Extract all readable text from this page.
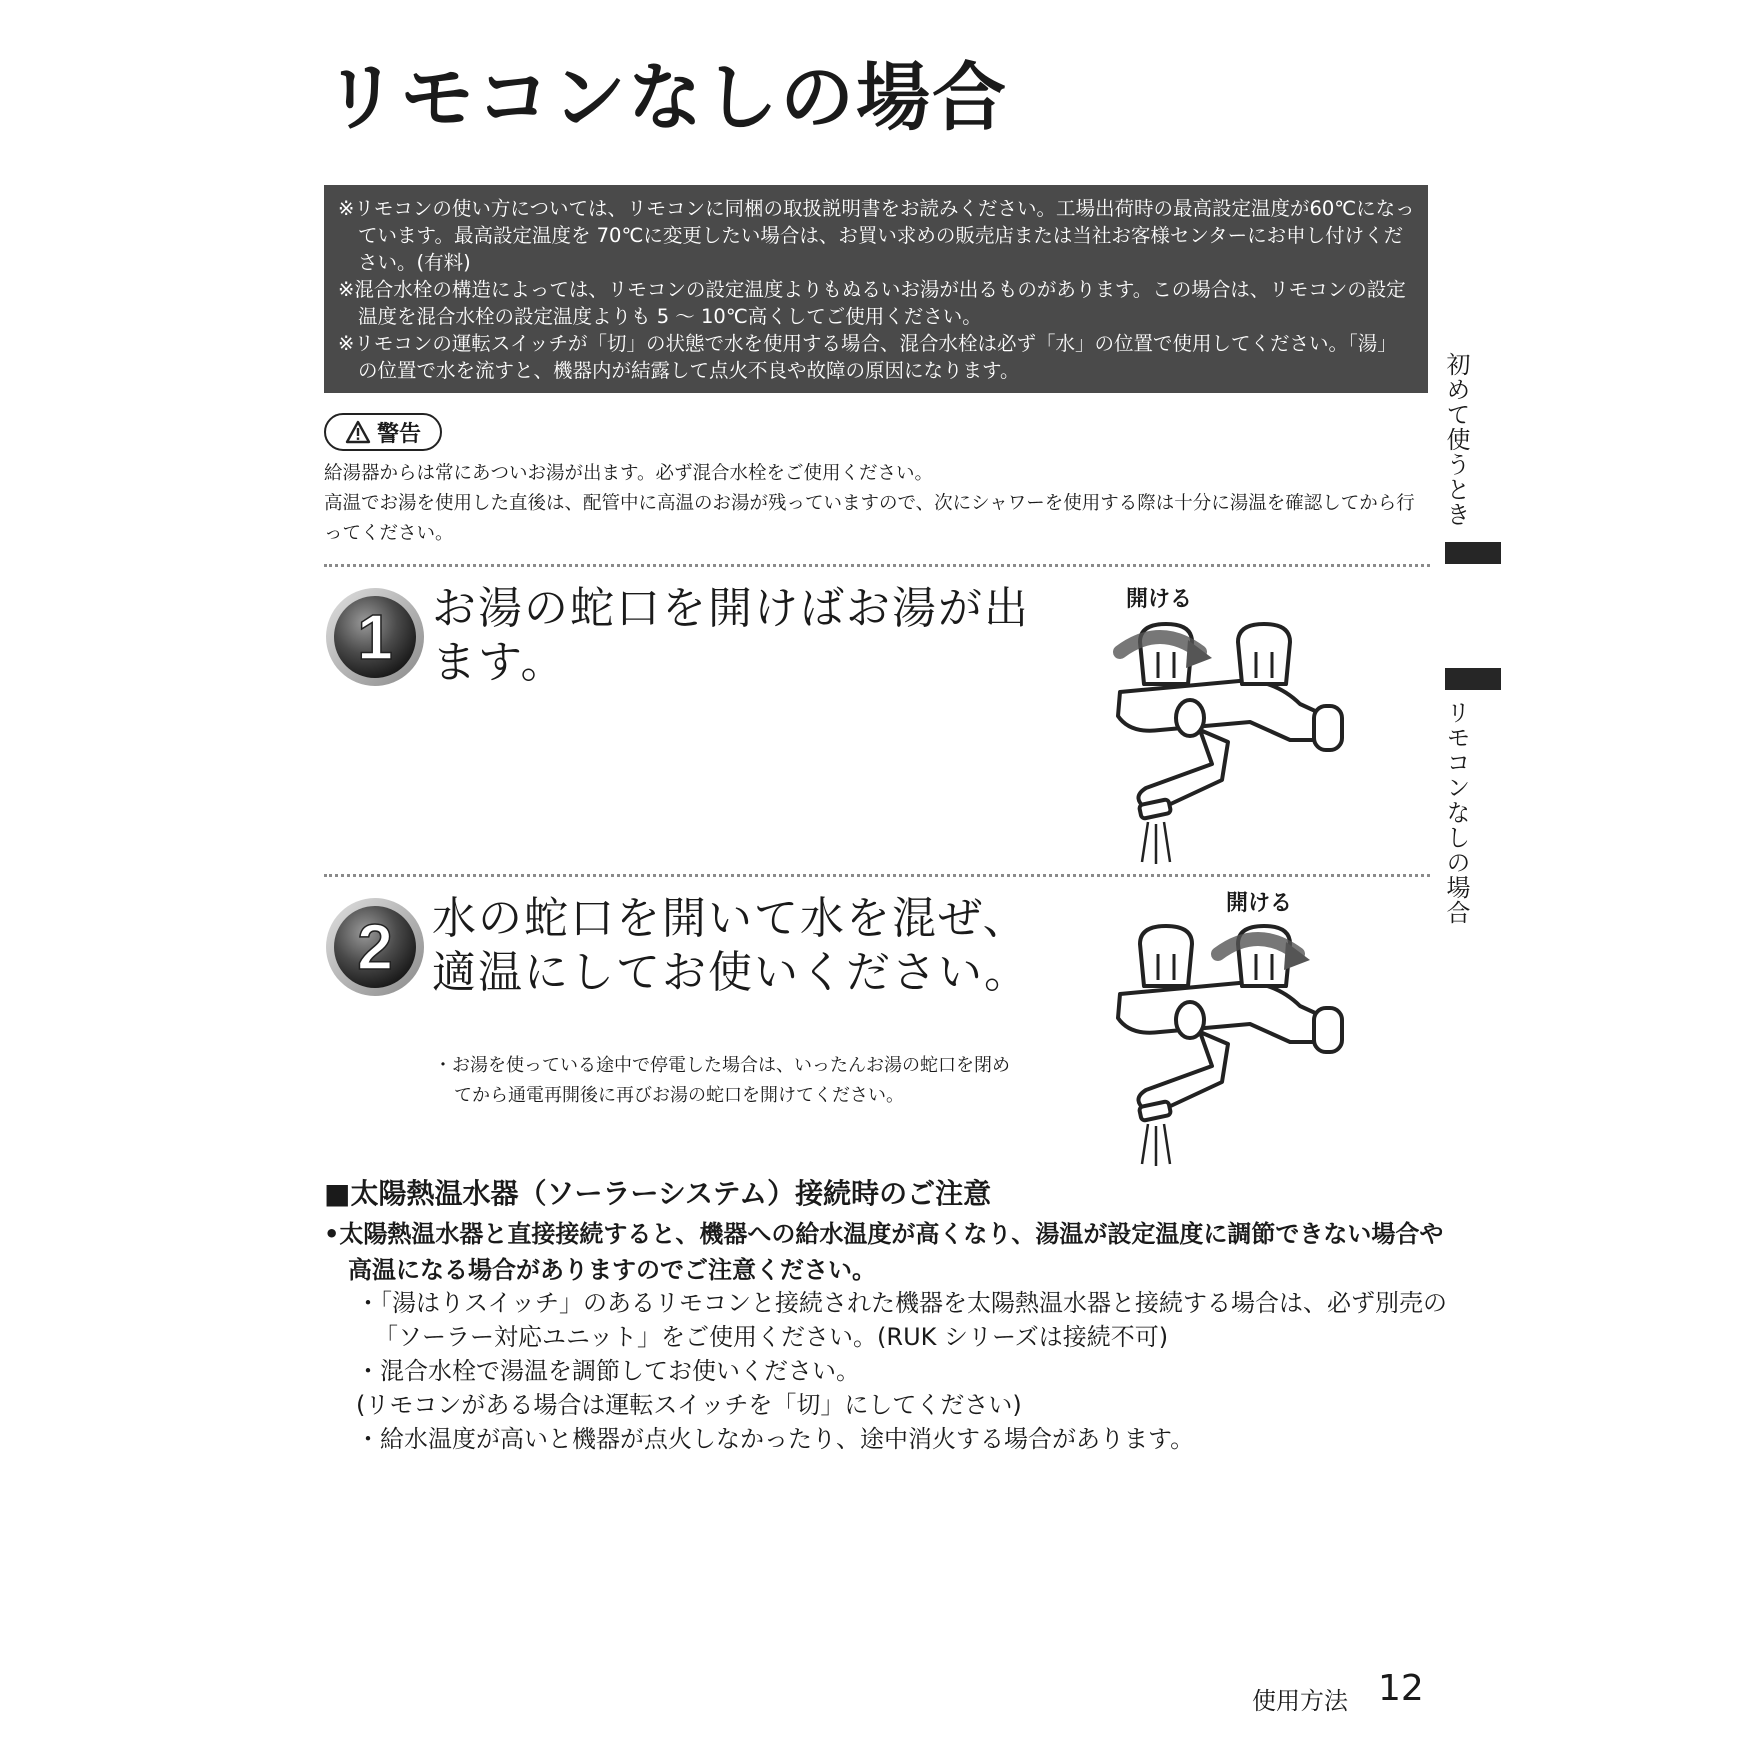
リモコンなしの場合
※リモコンの使い方については、リモコンに同梱の取扱説明書をお読みください。工場出荷時の最高設定温度が60℃になっています。最高設定温度を 70℃に変更したい場合は、お買い求めの販売店または当社お客様センターにお申し付けください。(有料)
※混合水栓の構造によっては、リモコンの設定温度よりもぬるいお湯が出るものがあります。この場合は、リモコンの設定温度を混合水栓の設定温度よりも 5 ～ 10℃高くしてご使用ください。
※リモコンの運転スイッチが「切」の状態で水を使用する場合、混合水栓は必ず「水」の位置で使用してください。「湯」の位置で水を流すと、機器内が結露して点火不良や故障の原因になります。
警告
給湯器からは常にあついお湯が出ます。必ず混合水栓をご使用ください。
高温でお湯を使用した直後は、配管中に高温のお湯が残っていますので、次にシャワーを使用する際は十分に湯温を確認してから行ってください。
1 お湯の蛇口を開けばお湯が出
ます。
開ける
2 水の蛇口を開いて水を混ぜ、
適温にしてお使いください。
・お湯を使っている途中で停電した場合は、いったんお湯の蛇口を閉めてから通電再開後に再びお湯の蛇口を開けてください。
開ける
■太陽熱温水器（ソーラーシステム）接続時のご注意
•太陽熱温水器と直接接続すると、機器への給水温度が高くなり、湯温が設定温度に調節できない場合や高温になる場合がありますのでご注意ください。
・「湯はりスイッチ」のあるリモコンと接続された機器を太陽熱温水器と接続する場合は、必ず別売の「ソーラー対応ユニット」をご使用ください。(RUK シリーズは接続不可)
・混合水栓で湯温を調節してお使いください。
(リモコンがある場合は運転スイッチを「切」にしてください)
・給水温度が高いと機器が点火しなかったり、途中消火する場合があります。
初めて使うとき
リモコンなしの場合
使用方法 12
